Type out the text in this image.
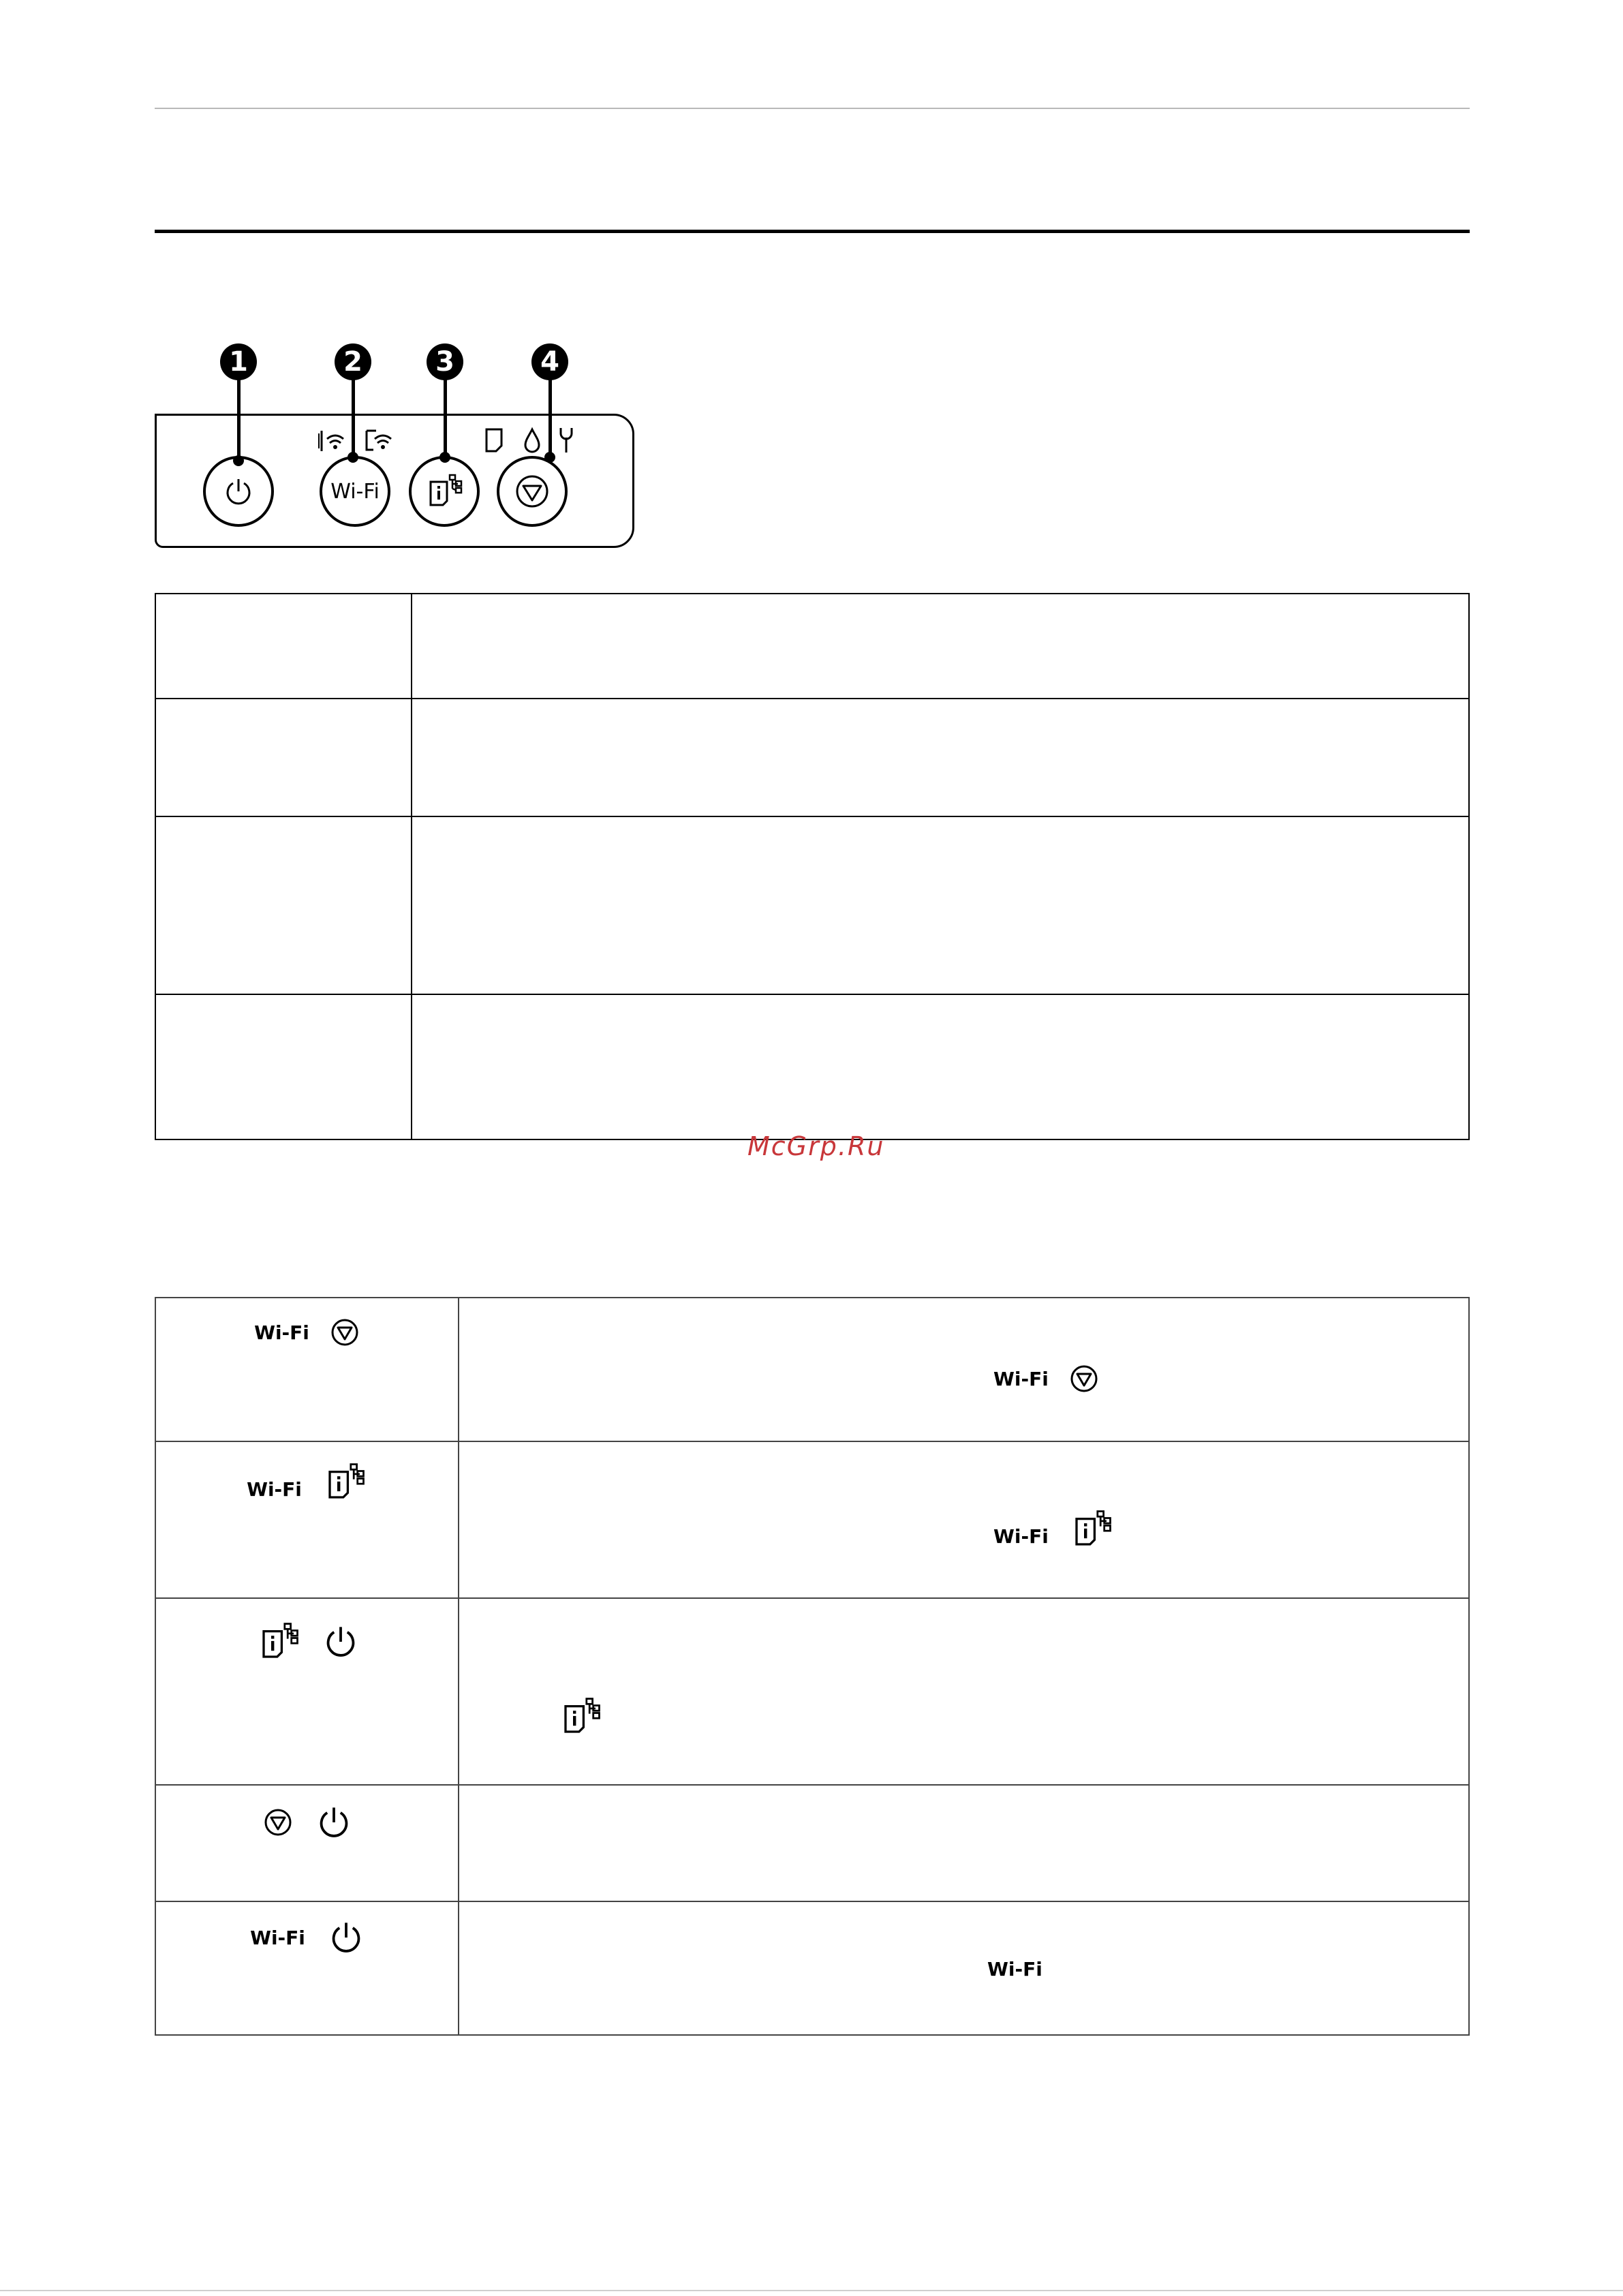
1	2	3	4
Wi-Fi

McGrp.Ru
Wi-Fi	Wi-Fi

Wi-Fi	Wi-Fi

Wi-Fi	Wi-Fi
